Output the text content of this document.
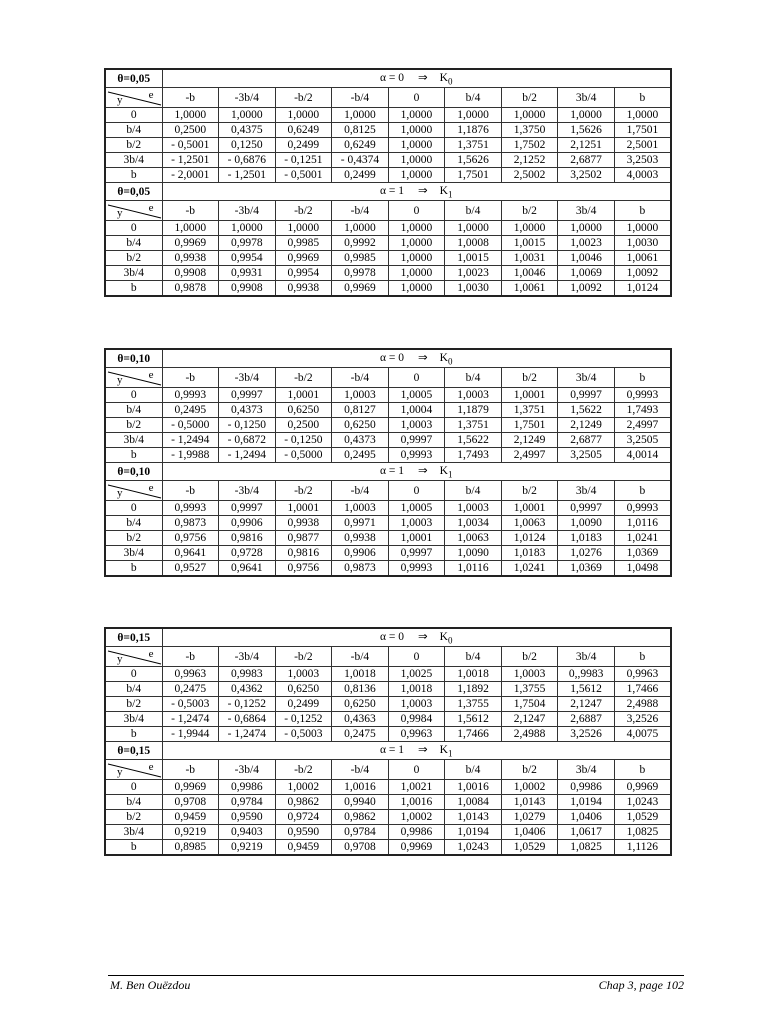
θ=0,05	α = 0 ⇒ $K_0$

y e	-b	-3b/4	-b/2	-b/4	0	b/4	b/2	3b/4	b
0	1,0000	1,0000	1,0000	1,0000	1,0000	1,0000	1,0000	1,0000	1,0000
b/4	0,2500	0,4375	0,6249	0,8125	1,0000	1,1876	1,3750	1,5626	1,7501
b/2	- 0,5001	0,1250	0,2499	0,6249	1,0000	1,3751	1,7502	2,1251	2,5001
3b/4	- 1,2501	- 0,6876	- 0,1251	- 0,4374	1,0000	1,5626	2,1252	2,6877	3,2503
b	- 2,0001	- 1,2501	- 0,5001	0,2499	1,0000	1,7501	2,5002	3,2502	4,0003
θ=0,05	α = 1 ⇒ $K_1$

y e	-b	-3b/4	-b/2	-b/4	0	b/4	b/2	3b/4	b
0	1,0000	1,0000	1,0000	1,0000	1,0000	1,0000	1,0000	1,0000	1,0000
b/4	0,9969	0,9978	0,9985	0,9992	1,0000	1,0008	1,0015	1,0023	1,0030
b/2	0,9938	0,9954	0,9969	0,9985	1,0000	1,0015	1,0031	1,0046	1,0061
3b/4	0,9908	0,9931	0,9954	0,9978	1,0000	1,0023	1,0046	1,0069	1,0092
b	0,9878	0,9908	0,9938	0,9969	1,0000	1,0030	1,0061	1,0092	1,0124
θ=0,10	α = 0 ⇒ $K_0$

y e	-b	-3b/4	-b/2	-b/4	0	b/4	b/2	3b/4	b
0	0,9993	0,9997	1,0001	1,0003	1,0005	1,0003	1,0001	0,9997	0,9993
b/4	0,2495	0,4373	0,6250	0,8127	1,0004	1,1879	1,3751	1,5622	1,7493
b/2	- 0,5000	- 0,1250	0,2500	0,6250	1,0003	1,3751	1,7501	2,1249	2,4997
3b/4	- 1,2494	- 0,6872	- 0,1250	0,4373	0,9997	1,5622	2,1249	2,6877	3,2505
b	- 1,9988	- 1,2494	- 0,5000	0,2495	0,9993	1,7493	2,4997	3,2505	4,0014
θ=0,10	α = 1 ⇒ $K_1$

y e	-b	-3b/4	-b/2	-b/4	0	b/4	b/2	3b/4	b
0	0,9993	0,9997	1,0001	1,0003	1,0005	1,0003	1,0001	0,9997	0,9993
b/4	0,9873	0,9906	0,9938	0,9971	1,0003	1,0034	1,0063	1,0090	1,0116
b/2	0,9756	0,9816	0,9877	0,9938	1,0001	1,0063	1,0124	1,0183	1,0241
3b/4	0,9641	0,9728	0,9816	0,9906	0,9997	1,0090	1,0183	1,0276	1,0369
b	0,9527	0,9641	0,9756	0,9873	0,9993	1,0116	1,0241	1,0369	1,0498
θ=0,15	α = 0 ⇒ $K_0$

y e	-b	-3b/4	-b/2	-b/4	0	b/4	b/2	3b/4	b
0	0,9963	0,9983	1,0003	1,0018	1,0025	1,0018	1,0003	0,,9983	0,9963
b/4	0,2475	0,4362	0,6250	0,8136	1,0018	1,1892	1,3755	1,5612	1,7466
b/2	- 0,5003	- 0,1252	0,2499	0,6250	1,0003	1,3755	1,7504	2,1247	2,4988
3b/4	- 1,2474	- 0,6864	- 0,1252	0,4363	0,9984	1,5612	2,1247	2,6887	3,2526
b	- 1,9944	- 1,2474	- 0,5003	0,2475	0,9963	1,7466	2,4988	3,2526	4,0075
θ=0,15	α = 1 ⇒ $K_1$

y e	-b	-3b/4	-b/2	-b/4	0	b/4	b/2	3b/4	b
0	0,9969	0,9986	1,0002	1,0016	1,0021	1,0016	1,0002	0,9986	0,9969
b/4	0,9708	0,9784	0,9862	0,9940	1,0016	1,0084	1,0143	1,0194	1,0243
b/2	0,9459	0,9590	0,9724	0,9862	1,0002	1,0143	1,0279	1,0406	1,0529
3b/4	0,9219	0,9403	0,9590	0,9784	0,9986	1,0194	1,0406	1,0617	1,0825
b	0,8985	0,9219	0,9459	0,9708	0,9969	1,0243	1,0529	1,0825	1,1126
M. Ben Ouëzdou	Chap 3, page 102
